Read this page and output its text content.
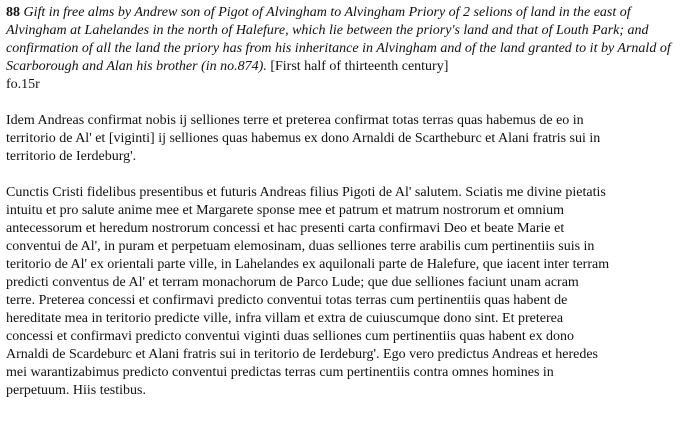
88 Gift in free alms by Andrew son of Pigot of Alvingham to Alvingham Priory of 2 selions of land in the east of
Alvingham at Lahelandes in the north of Halefure, which lie between the priory's land and that of Louth Park; and
confirmation of all the land the priory has from his inheritance in Alvingham and of the land granted to it by Arnald of
Scarborough and Alan his brother (in no.874). [First half of thirteenth century]

fo.15r

Idem Andreas confirmat nobis ij selliones terre et preterea confirmat totas terras quas habemus de eo in
territorio de Al' et [viginti] ij selliones quas habemus ex dono Arnaldi de Scartheburc et Alani fratris sui in
territorio de Ierdeburg'.

Cunctis Cristi fidelibus presentibus et futuris Andreas filius Pigoti de Al' salutem. Sciatis me divine pietatis
intuitu et pro salute anime mee et Margarete sponse mee et patrum et matrum nostrorum et omnium
antecessorum et heredum nostrorum concessi et hac presenti carta confirmavi Deo et beate Marie et
conventui de Al', in puram et perpetuam elemosinam, duas selliones terre arabilis cum pertinentiis suis in
teritorio de Al' ex orientali parte ville, in Lahelandes ex aquilonali parte de Halefure, que iacent inter terram
predicti conventus de Al' et terram monachorum de Parco Lude; que due selliones faciunt unam acram
terre. Preterea concessi et confirmavi predicto conventui totas terras cum pertinentiis quas habent de
hereditate mea in teritorio predicte ville, infra villam et extra de cuiuscumque dono sint. Et preterea
concessi et confirmavi predicto conventui viginti duas selliones cum pertinentiis quas habent ex dono
Arnaldi de Scardeburc et Alani fratris sui in teritorio de Ierdeburg'. Ego vero predictus Andreas et heredes
mei warantizabimus predicto conventui predictas terras cum pertinentiis contra omnes homines in
perpetuum. Hiis testibus.
